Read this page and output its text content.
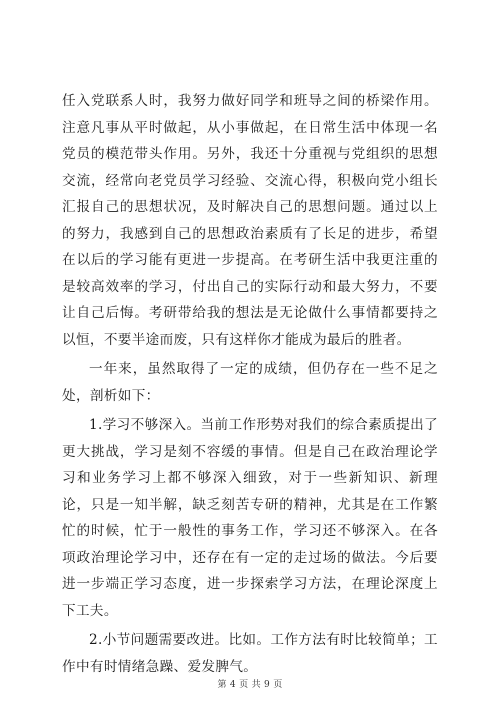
任入党联系人时，我努力做好同学和班导之间的桥梁作用。注意凡事从平时做起，从小事做起，在日常生活中体现一名党员的模范带头作用。另外，我还十分重视与党组织的思想交流，经常向老党员学习经验、交流心得，积极向党小组长汇报自己的思想状况，及时解决自己的思想问题。通过以上的努力，我感到自己的思想政治素质有了长足的进步，希望在以后的学习能有更进一步提高。在考研生活中我更注重的是较高效率的学习，付出自己的实际行动和最大努力，不要让自己后悔。考研带给我的想法是无论做什么事情都要持之以恒，不要半途而废，只有这样你才能成为最后的胜者。

一年来，虽然取得了一定的成绩，但仍存在一些不足之处，剖析如下：

1.学习不够深入。当前工作形势对我们的综合素质提出了更大挑战，学习是刻不容缓的事情。但是自己在政治理论学习和业务学习上都不够深入细致，对于一些新知识、新理论，只是一知半解，缺乏刻苦专研的精神，尤其是在工作繁忙的时候，忙于一般性的事务工作，学习还不够深入。在各项政治理论学习中，还存在有一定的走过场的做法。今后要进一步端正学习态度，进一步探索学习方法，在理论深度上下工夫。

2.小节问题需要改进。比如。工作方法有时比较简单；工作中有时情绪急躁、爱发脾气。

第 4 页 共 9 页
